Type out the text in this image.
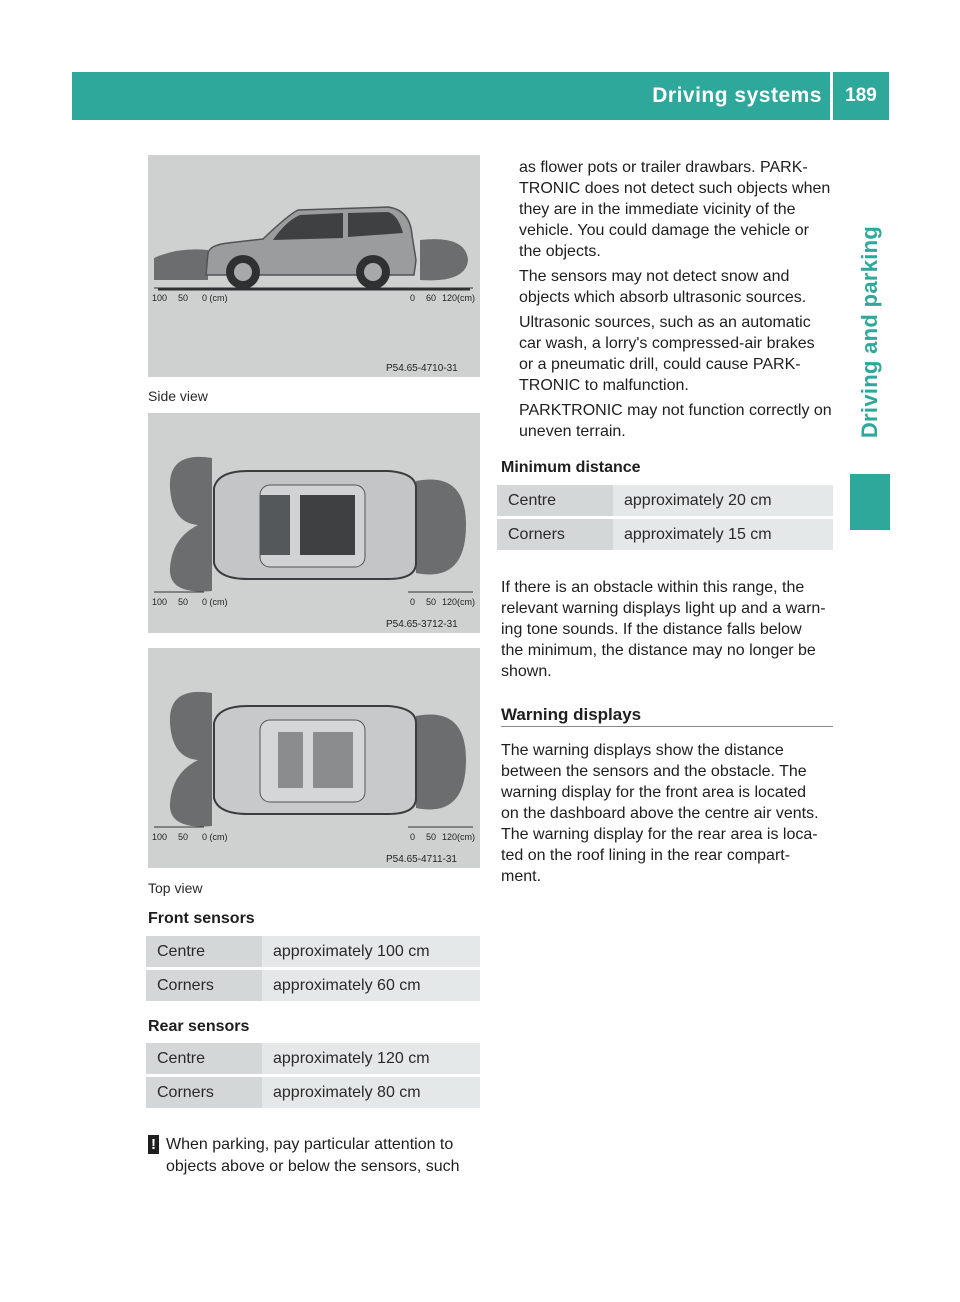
Driving systems	189
Driving and parking
100 50 0 (cm)	0 60 120(cm)
P54.65-4710-31
Side view
100 50 0 (cm)	0 50 120(cm)
P54.65-3712-31
100 50 0 (cm)	0 50 120(cm)
P54.65-4711-31
Top view
Front sensors
Centre	approximately 100 cm
Corners	approximately 60 cm
Rear sensors
Centre	approximately 120 cm
Corners	approximately 80 cm
! When parking, pay particular attention to
objects above or below the sensors, such

as flower pots or trailer drawbars. PARK-
TRONIC does not detect such objects when
they are in the immediate vicinity of the
vehicle. You could damage the vehicle or
the objects.

The sensors may not detect snow and
objects which absorb ultrasonic sources.

Ultrasonic sources, such as an automatic
car wash, a lorry's compressed-air brakes
or a pneumatic drill, could cause PARK-
TRONIC to malfunction.

PARKTRONIC may not function correctly on
uneven terrain.

Minimum distance
Centre	approximately 20 cm
Corners	approximately 15 cm
If there is an obstacle within this range, the
relevant warning displays light up and a warn-
ing tone sounds. If the distance falls below
the minimum, the distance may no longer be
shown.
Warning displays
The warning displays show the distance
between the sensors and the obstacle. The
warning display for the front area is located
on the dashboard above the centre air vents.
The warning display for the rear area is loca-
ted on the roof lining in the rear compart-
ment.
